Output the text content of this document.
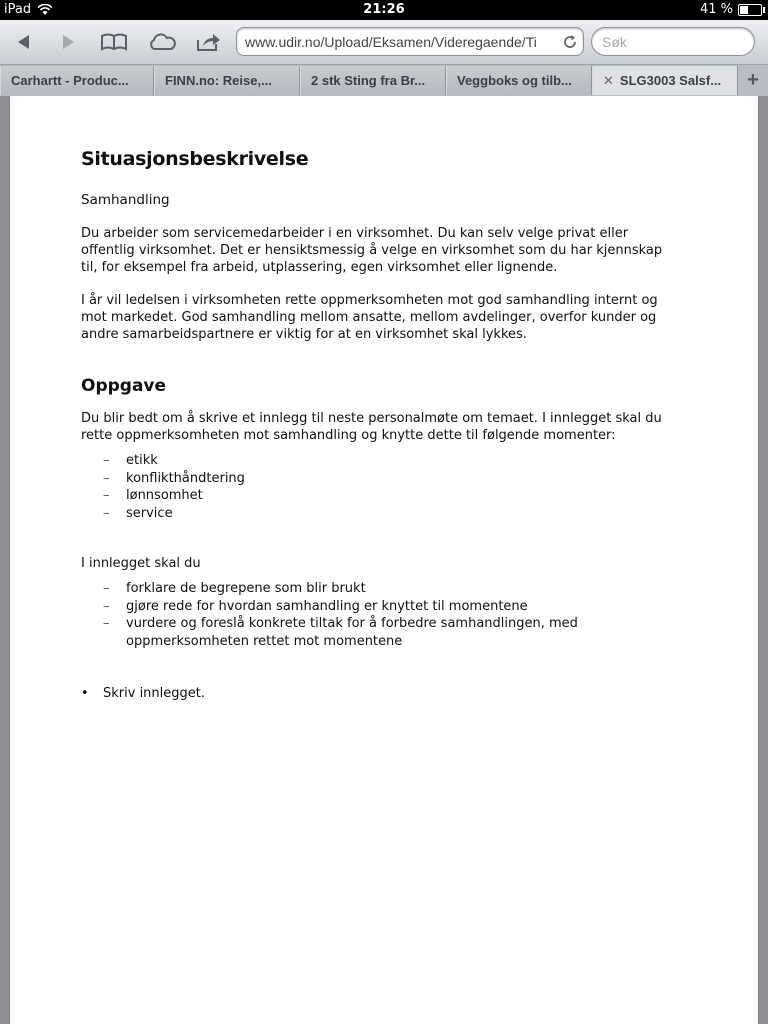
iPad	21:26	41 %
www.udir.no/Upload/Eksamen/Videregaende/Ti	Søk
Carhartt - Produc...	FINN.no: Reise,...	2 stk Sting fra Br...	Veggboks og tilb...	✕ SLG3003 Salsf...	+
Situasjonsbeskrivelse
Samhandling

Du arbeider som servicemedarbeider i en virksomhet. Du kan selv velge privat eller offentlig virksomhet. Det er hensiktsmessig å velge en virksomhet som du har kjennskap til, for eksempel fra arbeid, utplassering, egen virksomhet eller lignende.

I år vil ledelsen i virksomheten rette oppmerksomheten mot god samhandling internt og mot markedet. God samhandling mellom ansatte, mellom avdelinger, overfor kunder og andre samarbeidspartnere er viktig for at en virksomhet skal lykkes.

Oppgave

Du blir bedt om å skrive et innlegg til neste personalmøte om temaet. I innlegget skal du rette oppmerksomheten mot samhandling og knytte dette til følgende momenter:

– etikk
– konflikthåndtering
– lønnsomhet
– service

I innlegget skal du

– forklare de begrepene som blir brukt
– gjøre rede for hvordan samhandling er knyttet til momentene
– vurdere og foreslå konkrete tiltak for å forbedre samhandlingen, med oppmerksomheten rettet mot momentene
• Skriv innlegget.
